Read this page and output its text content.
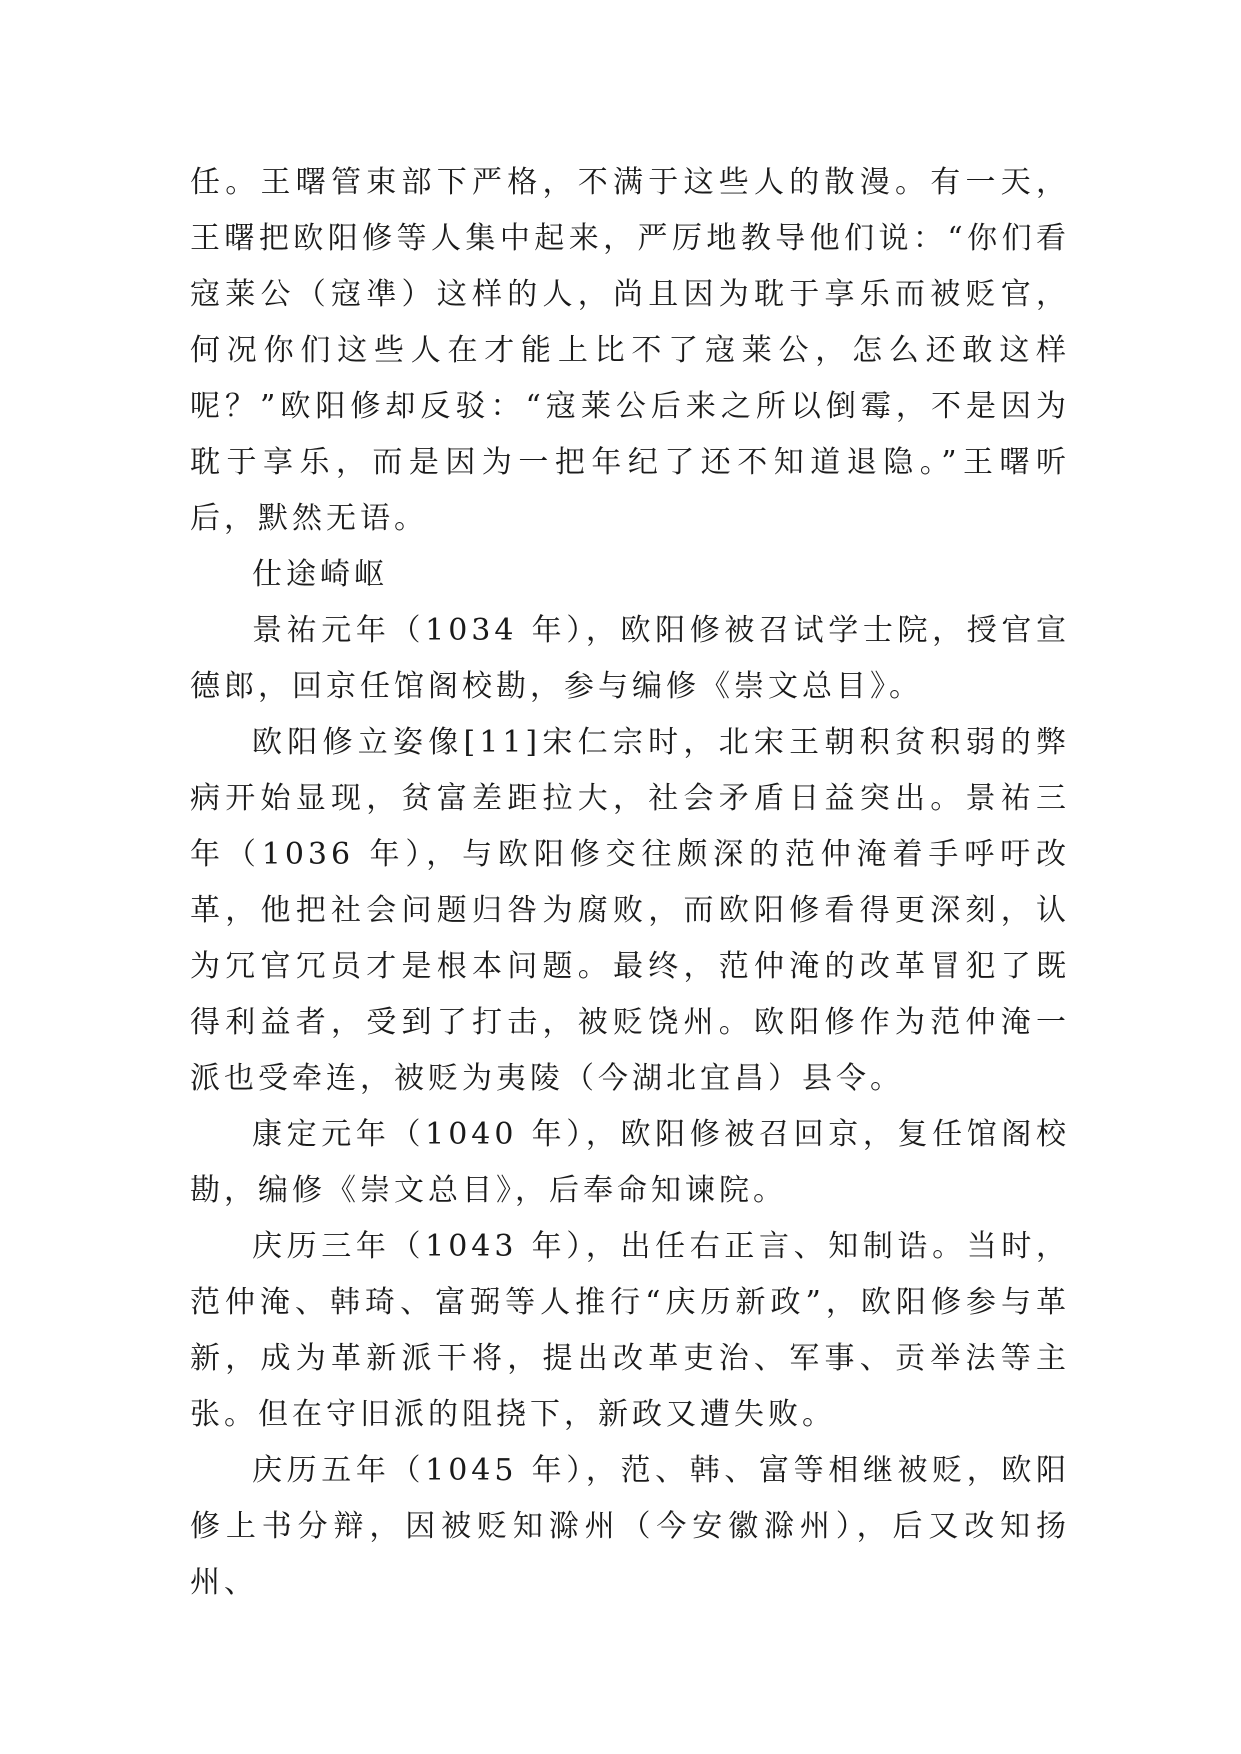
任。王曙管束部下严格，不满于这些人的散漫。有一天，王曙把欧阳修等人集中起来，严厉地教导他们说：“你们看寇莱公（寇凖）这样的人，尚且因为耽于享乐而被贬官，何况你们这些人在才能上比不了寇莱公，怎么还敢这样呢？”欧阳修却反驳：“寇莱公后来之所以倒霉，不是因为耽于享乐，而是因为一把年纪了还不知道退隐。”王曙听后，默然无语。

仕途崎岖

景祐元年（1034 年），欧阳修被召试学士院，授官宣德郎，回京任馆阁校勘，参与编修《崇文总目》。

欧阳修立姿像[11]宋仁宗时，北宋王朝积贫积弱的弊病开始显现，贫富差距拉大，社会矛盾日益突出。景祐三年（1036 年），与欧阳修交往颇深的范仲淹着手呼吁改革，他把社会问题归咎为腐败，而欧阳修看得更深刻，认为冗官冗员才是根本问题。最终，范仲淹的改革冒犯了既得利益者，受到了打击，被贬饶州。欧阳修作为范仲淹一派也受牵连，被贬为夷陵（今湖北宜昌）县令。

康定元年（1040 年），欧阳修被召回京，复任馆阁校勘，编修《崇文总目》，后奉命知谏院。

庆历三年（1043 年），出任右正言、知制诰。当时，范仲淹、韩琦、富弼等人推行“庆历新政”，欧阳修参与革新，成为革新派干将，提出改革吏治、军事、贡举法等主张。但在守旧派的阻挠下，新政又遭失败。

庆历五年（1045 年），范、韩、富等相继被贬，欧阳修上书分辩，因被贬知滁州（今安徽滁州），后又改知扬州、
